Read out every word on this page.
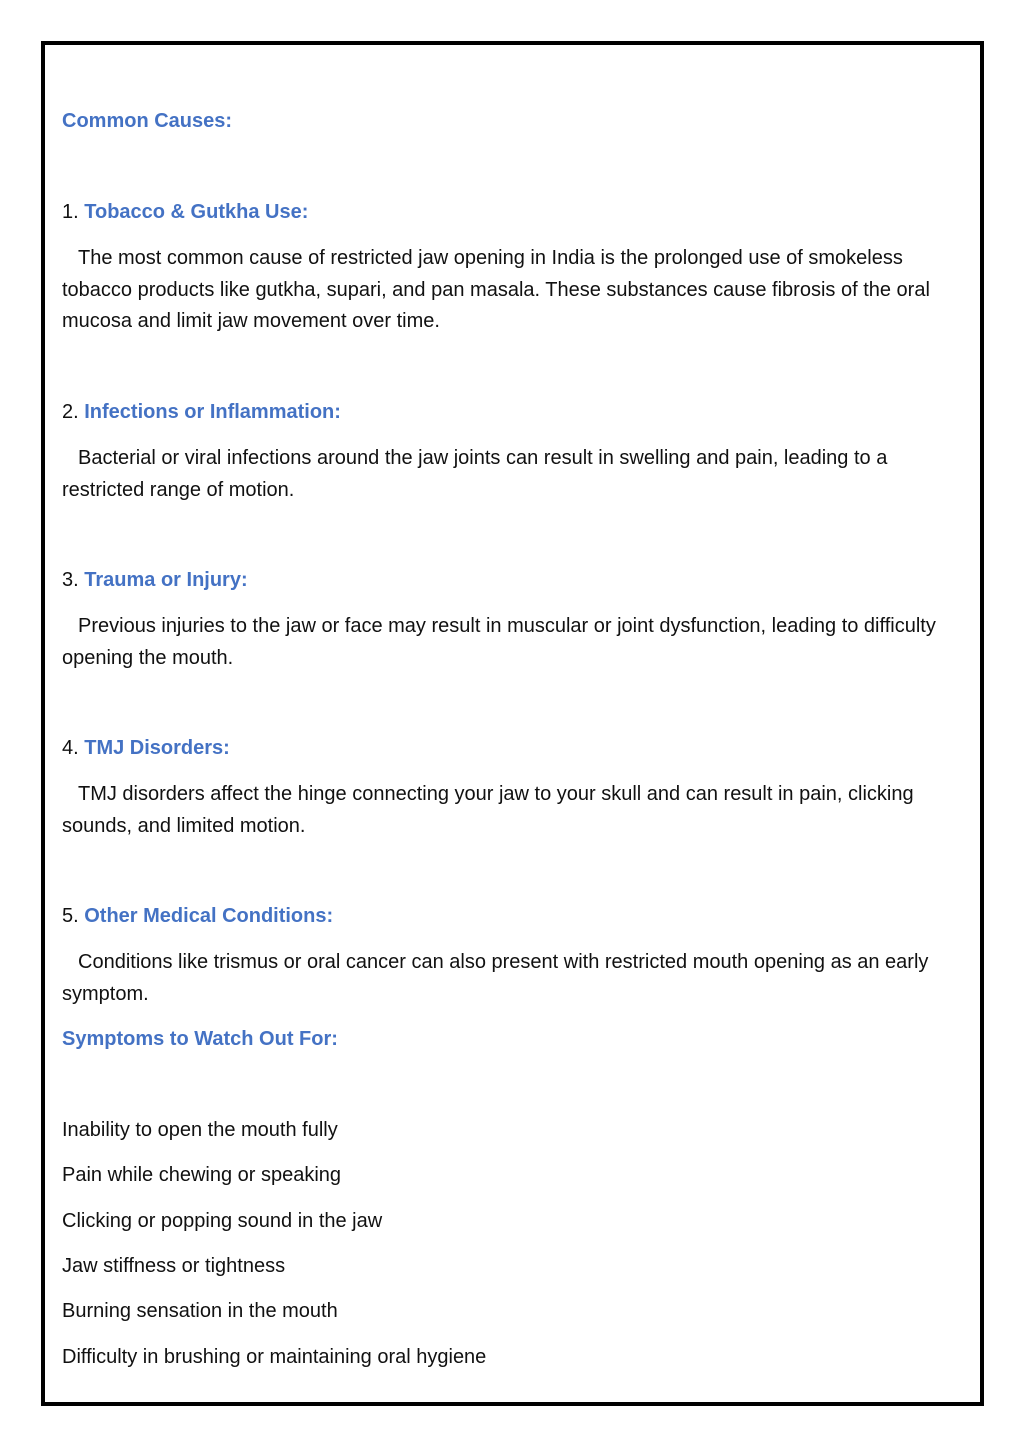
Common Causes:
1. Tobacco & Gutkha Use:
The most common cause of restricted jaw opening in India is the prolonged use of smokeless tobacco products like gutkha, supari, and pan masala. These substances cause fibrosis of the oral mucosa and limit jaw movement over time.
2. Infections or Inflammation:
Bacterial or viral infections around the jaw joints can result in swelling and pain, leading to a restricted range of motion.
3. Trauma or Injury:
Previous injuries to the jaw or face may result in muscular or joint dysfunction, leading to difficulty opening the mouth.
4. TMJ Disorders:
TMJ disorders affect the hinge connecting your jaw to your skull and can result in pain, clicking sounds, and limited motion.
5. Other Medical Conditions:
Conditions like trismus or oral cancer can also present with restricted mouth opening as an early symptom.
Symptoms to Watch Out For:
Inability to open the mouth fully
Pain while chewing or speaking
Clicking or popping sound in the jaw
Jaw stiffness or tightness
Burning sensation in the mouth
Difficulty in brushing or maintaining oral hygiene
